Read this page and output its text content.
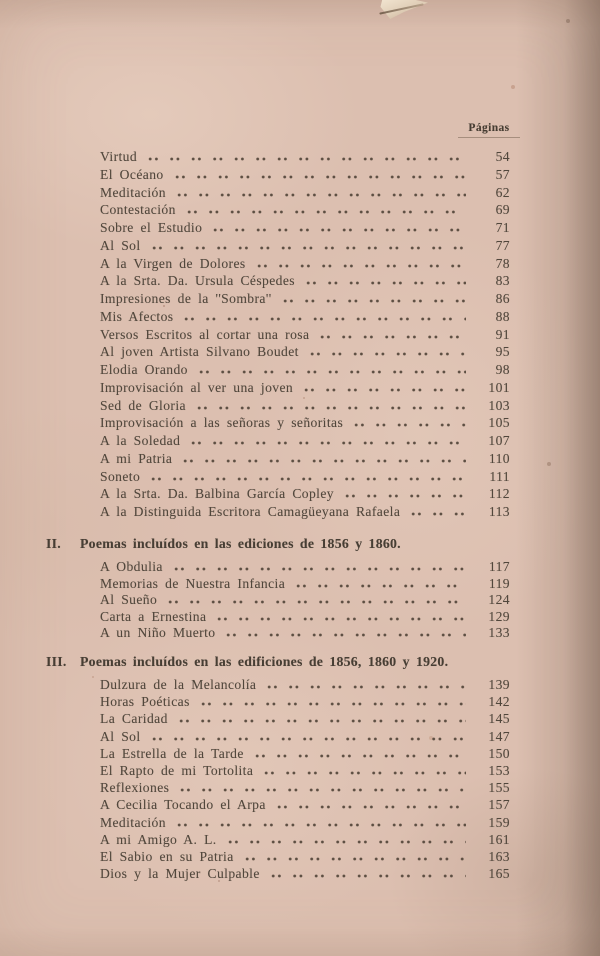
Páginas
Virtud	54
El Océano	57
Meditación	62
Contestación	69
Sobre el Estudio	71
Al Sol	77
A la Virgen de Dolores	78
A la Srta. Da. Ursula Céspedes	83
Impresiones de la ''Sombra''	86
Mis Afectos	88
Versos Escritos al cortar una rosa	91
Al joven Artista Silvano Boudet	95
Elodia Orando	98
Improvisación al ver una joven	101
Sed de Gloria	103
Improvisación a las señoras y señoritas	105
A la Soledad	107
A mi Patria	110
Soneto	111
A la Srta. Da. Balbina García Copley	112
A la Distinguida Escritora Camagüeyana Rafaela	113
II. Poemas incluídos en las ediciones de 1856 y 1860.
A Obdulia	117
Memorias de Nuestra Infancia	119
Al Sueño	124
Carta a Ernestina	129
A un Niño Muerto	133
III. Poemas incluídos en las edificiones de 1856, 1860 y 1920.
Dulzura de la Melancolía	139
Horas Poéticas	142
La Caridad	145
Al Sol	147
La Estrella de la Tarde	150
El Rapto de mi Tortolita	153
Reflexiones	155
A Cecilia Tocando el Arpa	157
Meditación	159
A mi Amigo A. L.	161
El Sabio en su Patria	163
Dios y la Mujer Culpable	165
